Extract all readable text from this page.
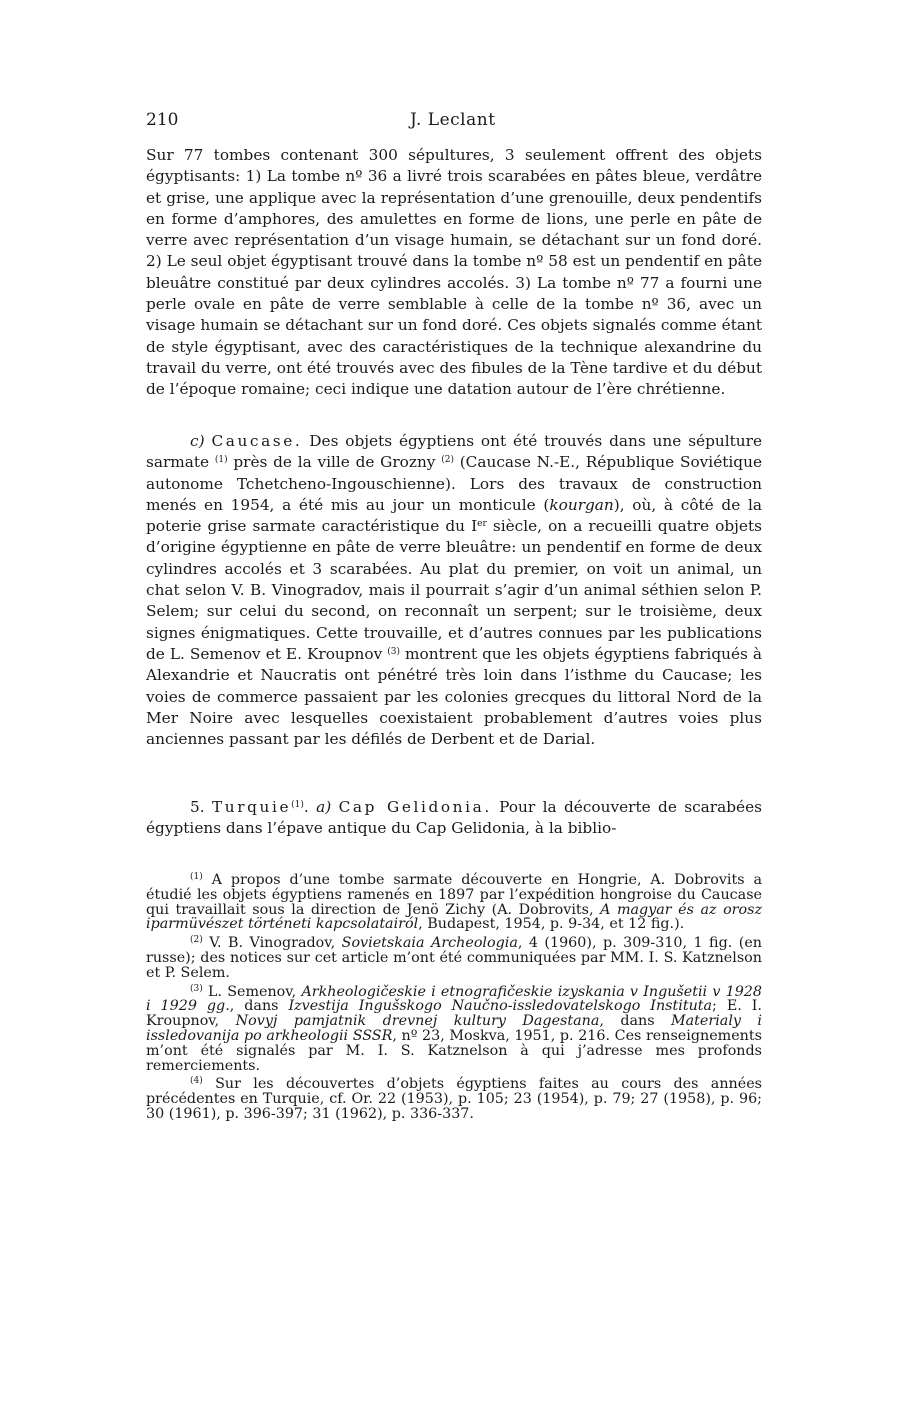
210	J. Leclant

Sur 77 tombes contenant 300 sépultures, 3 seulement offrent des objets égyptisants: 1) La tombe nº 36 a livré trois scarabées en pâtes bleue, verdâtre et grise, une applique avec la représentation d’une grenouille, deux pendentifs en forme d’amphores, des amulettes en forme de lions, une perle en pâte de verre avec représentation d’un visage humain, se détachant sur un fond doré. 2) Le seul objet égyptisant trouvé dans la tombe nº 58 est un pendentif en pâte bleuâtre constitué par deux cylindres accolés. 3) La tombe nº 77 a fourni une perle ovale en pâte de verre semblable à celle de la tombe nº 36, avec un visage humain se détachant sur un fond doré. Ces objets signalés comme étant de style égyptisant, avec des caractéristiques de la technique alexandrine du travail du verre, ont été trouvés avec des fibules de la Tène tardive et du début de l’époque romaine; ceci indique une datation autour de l’ère chrétienne.

c) Caucase. Des objets égyptiens ont été trouvés dans une sépulture sarmate $^{(1)}$ près de la ville de Grozny $^{(2)}$ (Caucase N.-E., République Soviétique autonome Tchetcheno-Ingouschienne). Lors des travaux de construction menés en 1954, a été mis au jour un monticule (kourgan), où, à côté de la poterie grise sarmate caractéristique du Ier siècle, on a recueilli quatre objets d’origine égyptienne en pâte de verre bleuâtre: un pendentif en forme de deux cylindres accolés et 3 scarabées. Au plat du premier, on voit un animal, un chat selon V. B. Vinogradov, mais il pourrait s’agir d’un animal séthien selon P. Selem; sur celui du second, on reconnaît un serpent; sur le troisième, deux signes énigmatiques. Cette trouvaille, et d’autres connues par les publications de L. Semenov et E. Kroupnov $^{(3)}$ montrent que les objets égyptiens fabriqués à Alexandrie et Naucratis ont pénétré très loin dans l’isthme du Caucase; les voies de commerce passaient par les colonies grecques du littoral Nord de la Mer Noire avec lesquelles coexistaient probablement d’autres voies plus anciennes passant par les défilés de Derbent et de Darial.

5. Turquie$^{(1)}$. a) Cap Gelidonia. Pour la découverte de scarabées égyptiens dans l’épave antique du Cap Gelidonia, à la biblio-

$^{(1)}$ A propos d’une tombe sarmate découverte en Hongrie, A. Dobrovits a étudié les objets égyptiens ramenés en 1897 par l’expédition hongroise du Caucase qui travaillait sous la direction de Jenö Zichy (A. Dobrovits, A magyar és az orosz iparmüvészet történeti kapcsolatairól, Budapest, 1954, p. 9-34, et 12 fig.).

$^{(2)}$ V. B. Vinogradov, Sovietskaia Archeologia, 4 (1960), p. 309-310, 1 fig. (en russe); des notices sur cet article m’ont été communiquées par MM. I. S. Katznelson et P. Selem.

$^{(3)}$ L. Semenov, Arkheologičeskie i etnografičeskie izyskania v Ingušetii v 1928 i 1929 gg., dans Izvestija Ingušskogo Naučno-issledovatelskogo Instituta; E. I. Kroupnov, Novyj pamjatnik drevnej kultury Dagestana, dans Materialy i issledovanija po arkheologii SSSR, nº 23, Moskva, 1951, p. 216. Ces renseignements m’ont été signalés par M. I. S. Katznelson à qui j’adresse mes profonds remerciements.

$^{(4)}$ Sur les découvertes d’objets égyptiens faites au cours des années précédentes en Turquie, cf. Or. 22 (1953), p. 105; 23 (1954), p. 79; 27 (1958), p. 96; 30 (1961), p. 396-397; 31 (1962), p. 336-337.
